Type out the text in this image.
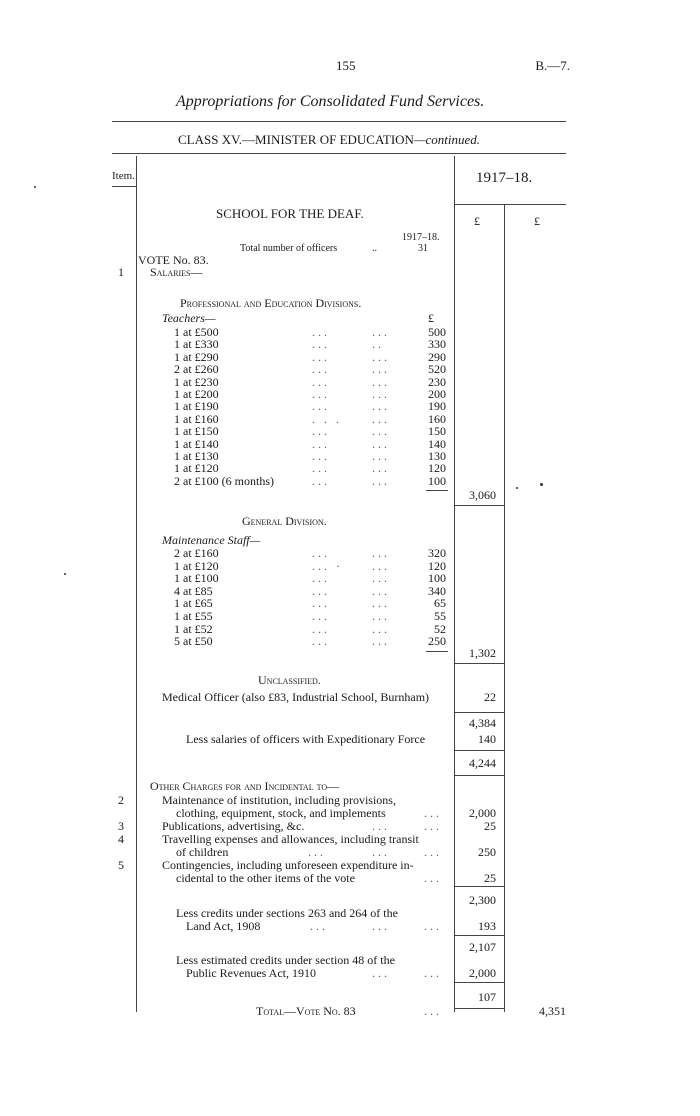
155	B.—7.
Appropriations for Consolidated Fund Services.
CLASS XV.—MINISTER OF EDUCATION—continued.
Item.	1917–18.
£	£
SCHOOL FOR THE DEAF.
1917–18.
Total number of officers	..	31
VOTE No. 83.
1 Salaries—
Professional and Education Divisions.
Teachers—	£
1 at £500	...	...	500
1 at £330	...	..	330
1 at £290	...	...	290
2 at £260	...	...	520
1 at £230	...	...	230
1 at £200	...	...	200
1 at £190	...	...	190
1 at £160	. . .	...	160
1 at £150	...	...	150
1 at £140	...	...	140
1 at £130	...	...	130
1 at £120	...	...	120
2 at £100 (6 months)	...	...	100
3,060
General Division.
Maintenance Staff—
2 at £160	...	...	320
1 at £120	... · ...	120
1 at £100	...	...	100
4 at £85	...	...	340
1 at £65	...	...	65
1 at £55	...	...	55
1 at £52	...	...	52
5 at £50	...	...	250
1,302
Unclassified.
Medical Officer (also £83, Industrial School, Burnham)	22
4,384
Less salaries of officers with Expeditionary Force	140
4,244
Other Charges for and Incidental to—
2	Maintenance of institution, including provisions,
clothing, equipment, stock, and implements	...	2,000
3	Publications, advertising, &c.	...	...	25
4	Travelling expenses and allowances, including transit
of children	...	...	...	250
5	Contingencies, including unforeseen expenditure in-
cidental to the other items of the vote	...	25
2,300
Less credits under sections 263 and 264 of the
Land Act, 1908	...	...	...	193
2,107
Less estimated credits under section 48 of the
Public Revenues Act, 1910	...	...	2,000
107
Total—Vote No. 83	...	4,351
